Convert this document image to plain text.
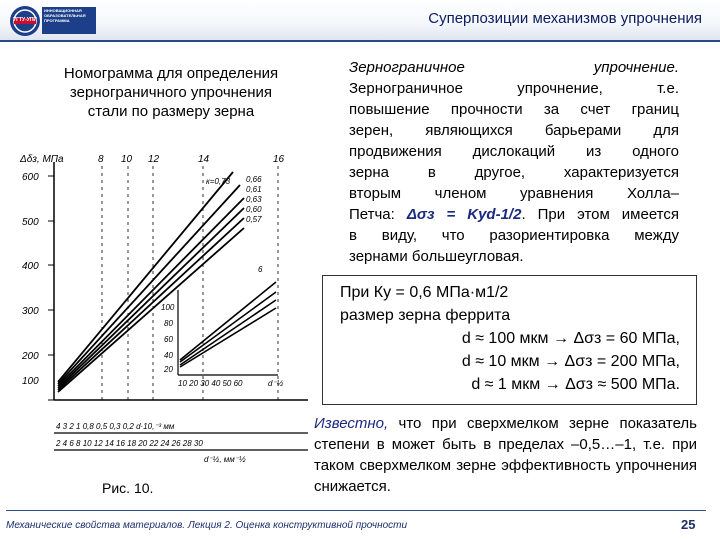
ИННОВАЦИОННАЯ
ОБРАЗОВАТЕЛЬНАЯ
ПРОГРАММА
УГТУ-УПИ	Суперпозиции механизмов упрочнения
Номограмма для определения зернограничного упрочнения стали по размеру зерна
Δδз, МПа
600
500
400
300
200
100
8 10 12	14	16
к=0,73 0,66
0,61
0,63
0,60
0,57
6
100
80
60
40
20
10 20 30 40 50 60	d⁻½
4 3 2 1 0,8 0,5 0,3 0,2 d·10,⁻³ мм
2 4 6 8 10 12 14 16 18 20 22 24 26 28 30
d⁻½, мм⁻½
Рис. 10.
Зернограничное упрочнение.
Зернограничное упрочнение, т.е.
повышение прочности за счет границ
зерен, являющихся барьерами для
продвижения дислокаций из одного
зерна в другое, характеризуется
вторым членом уравнения Холла–
Петча: Δσз = Kуd-1/2. При этом имеется
в виду, что разориентировка между
зернами большеугловая.
При Ку = 0,6 МПа·м1/2
размер зерна феррита
d ≈ 100 мкм → Δσз = 60 МПа,
d ≈ 10 мкм → Δσз = 200 МПа,
d ≈ 1 мкм → Δσз ≈ 500 МПа.
Известно, что при сверхмелком зерне показатель степени в может быть в пределах –0,5…–1, т.е. при таком сверхмелком зерне эффективность упрочнения снижается.
Механические свойства материалов. Лекция 2. Оценка конструктивной прочности	25
